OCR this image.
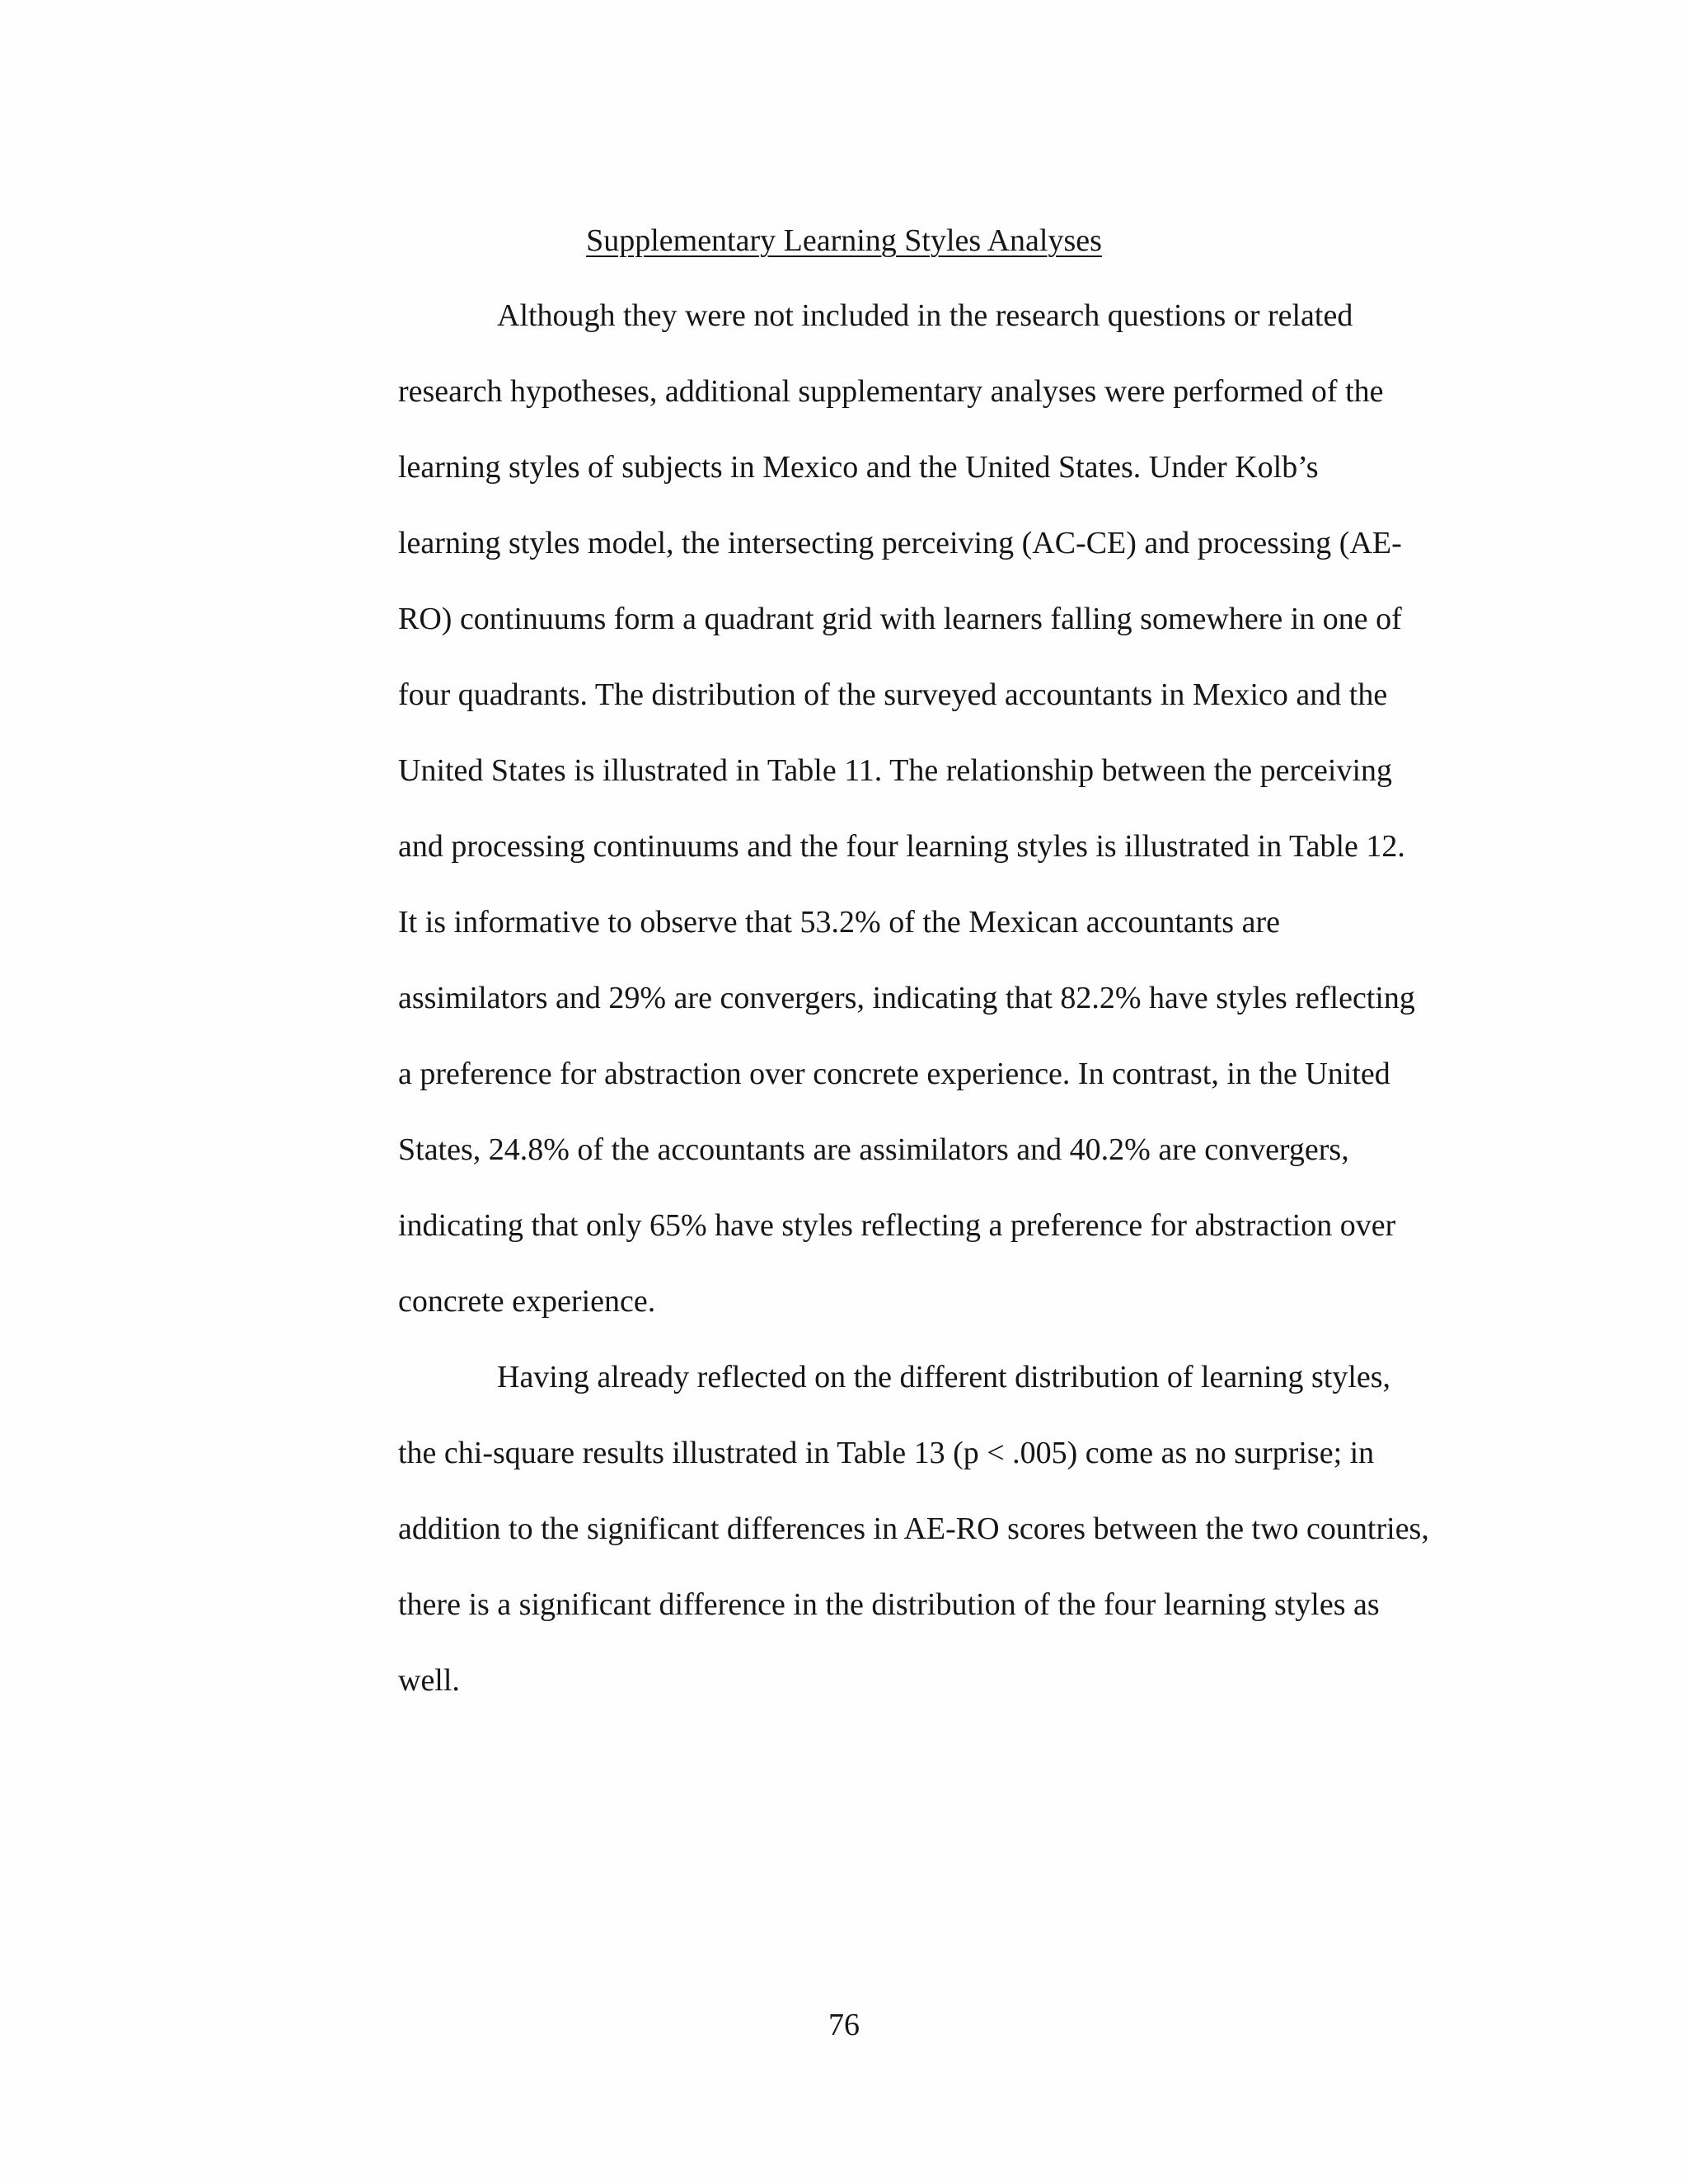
Supplementary Learning Styles Analyses
Although they were not included in the research questions or related
research hypotheses, additional supplementary analyses were performed of the
learning styles of subjects in Mexico and the United States. Under Kolb’s
learning styles model, the intersecting perceiving (AC-CE) and processing (AE-
RO) continuums form a quadrant grid with learners falling somewhere in one of
four quadrants. The distribution of the surveyed accountants in Mexico and the
United States is illustrated in Table 11. The relationship between the perceiving
and processing continuums and the four learning styles is illustrated in Table 12.
It is informative to observe that 53.2% of the Mexican accountants are
assimilators and 29% are convergers, indicating that 82.2% have styles reflecting
a preference for abstraction over concrete experience. In contrast, in the United
States, 24.8% of the accountants are assimilators and 40.2% are convergers,
indicating that only 65% have styles reflecting a preference for abstraction over
concrete experience.
Having already reflected on the different distribution of learning styles,
the chi-square results illustrated in Table 13 (p < .005) come as no surprise; in
addition to the significant differences in AE-RO scores between the two countries,
there is a significant difference in the distribution of the four learning styles as
well.
76
